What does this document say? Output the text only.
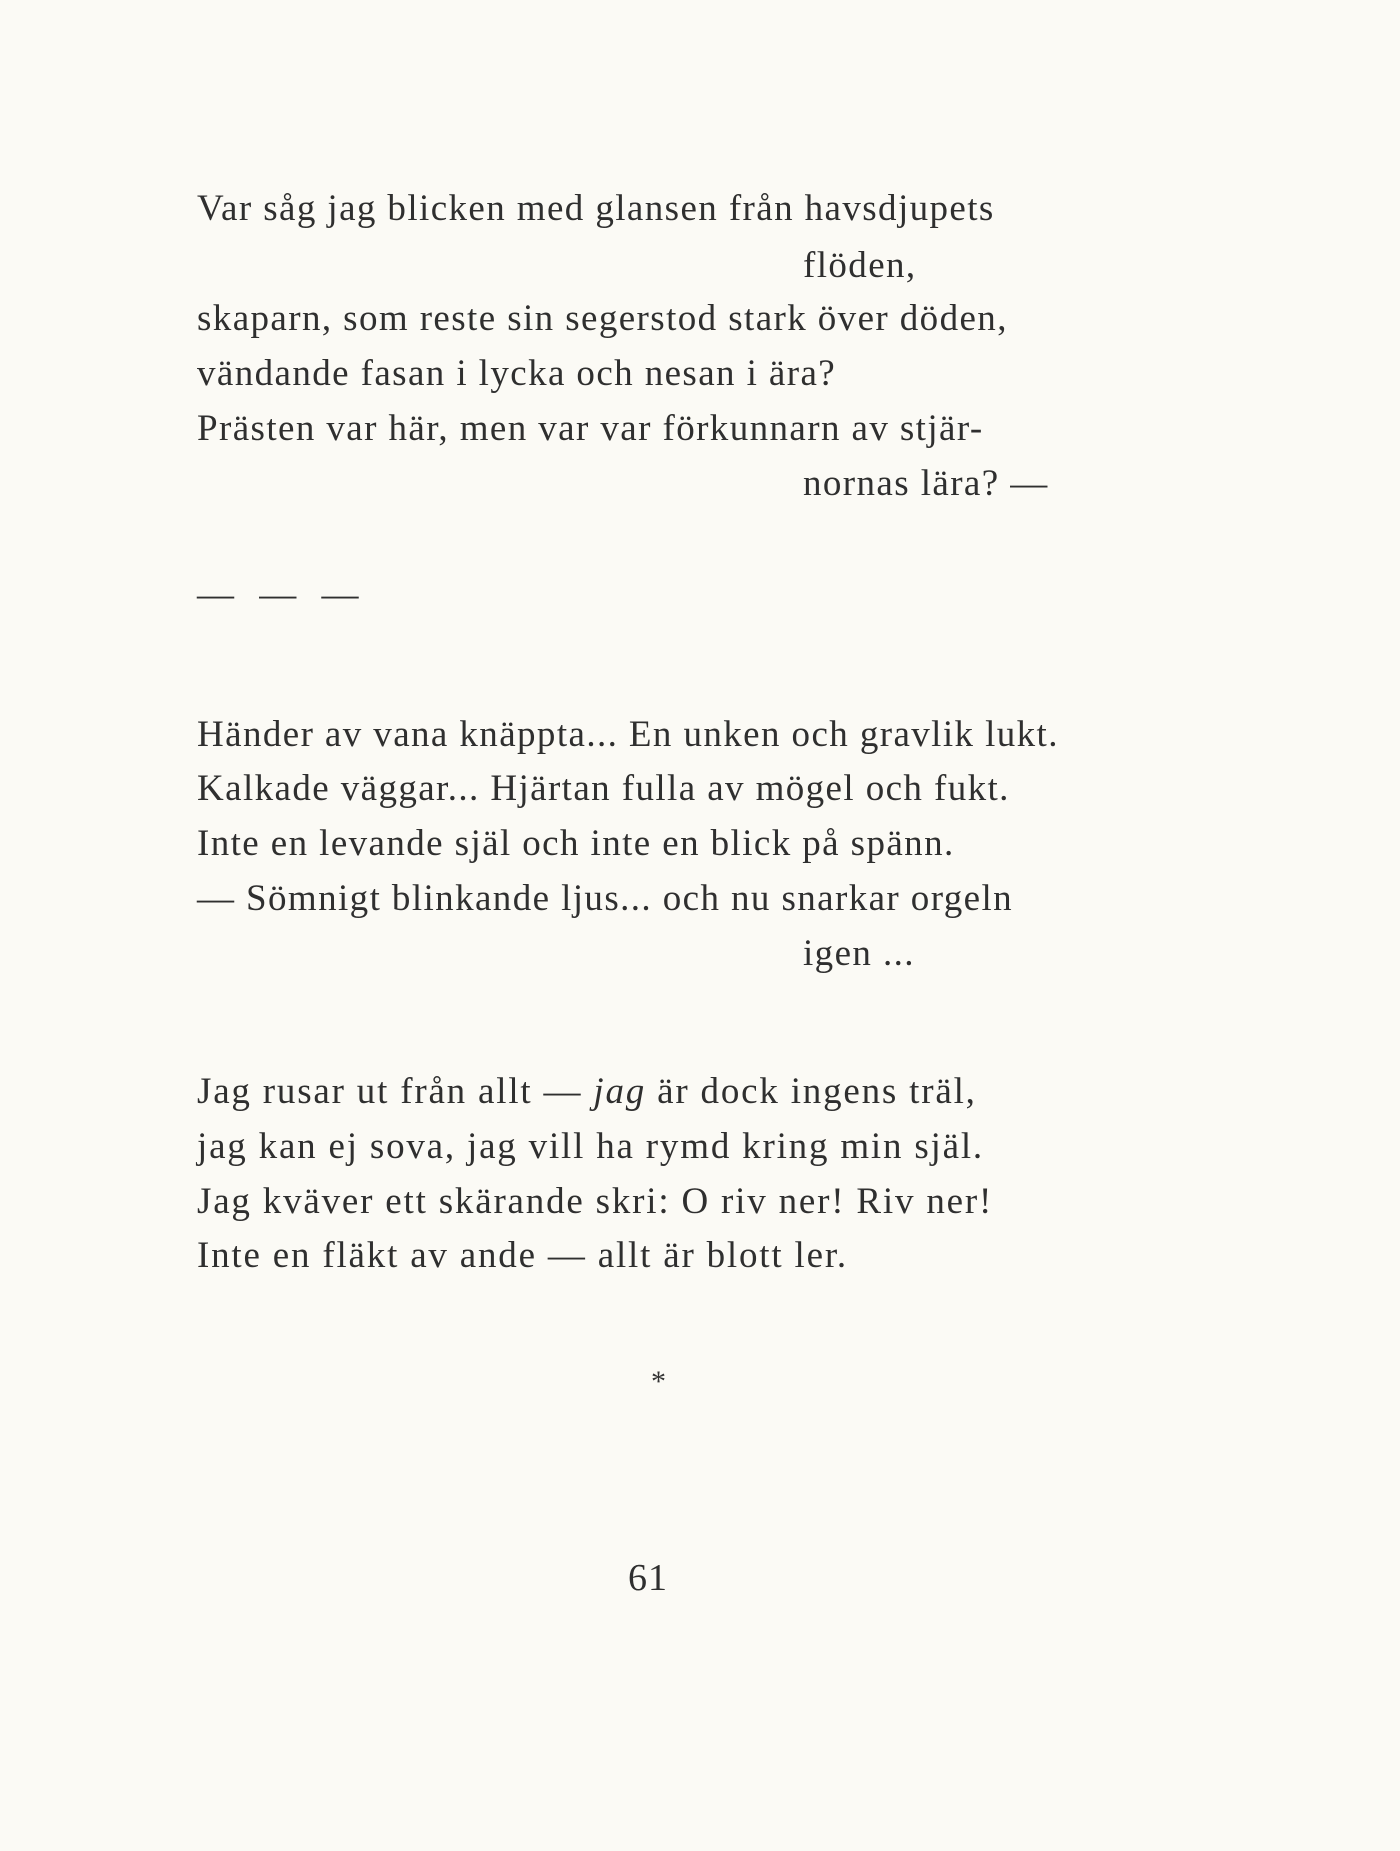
Var såg jag blicken med glansen från havsdjupets
flöden,
skaparn, som reste sin segerstod stark över döden,
vändande fasan i lycka och nesan i ära?
Prästen var här, men var var förkunnarn av stjär-
nornas lära? —
— — —
Händer av vana knäppta... En unken och gravlik lukt.
Kalkade väggar... Hjärtan fulla av mögel och fukt.
Inte en levande själ och inte en blick på spänn.
— Sömnigt blinkande ljus... och nu snarkar orgeln
igen ...
Jag rusar ut från allt — jag är dock ingens träl,
jag kan ej sova, jag vill ha rymd kring min själ.
Jag kväver ett skärande skri: O riv ner! Riv ner!
Inte en fläkt av ande — allt är blott ler.
*
61
